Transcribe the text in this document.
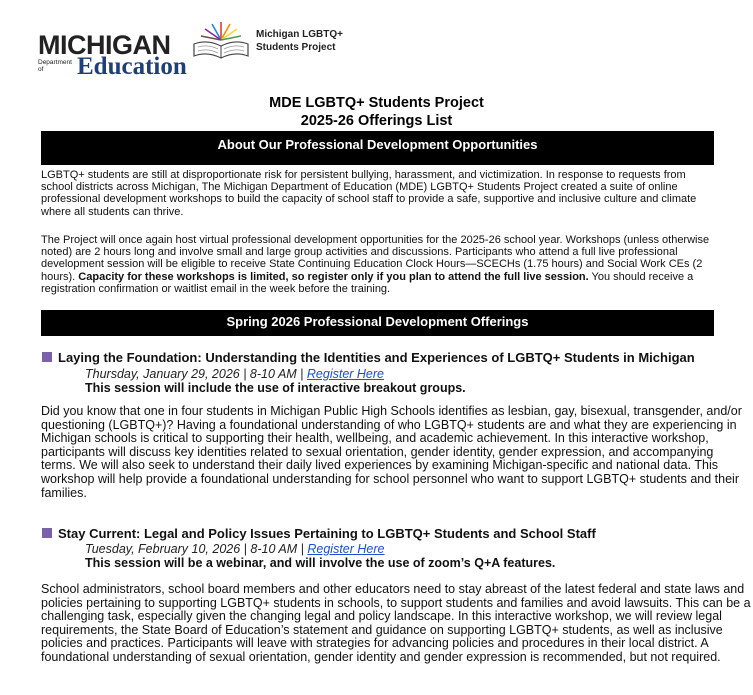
MICHIGAN
Department of	Education
Michigan LGBTQ+
Students Project
MDE LGBTQ+ Students Project
2025-26 Offerings List
About Our Professional Development Opportunities
LGBTQ+ students are still at disproportionate risk for persistent bullying, harassment, and victimization. In response to requests from school districts across Michigan, The Michigan Department of Education (MDE) LGBTQ+ Students Project created a suite of online professional development workshops to build the capacity of school staff to provide a safe, supportive and inclusive culture and climate where all students can thrive.
The Project will once again host virtual professional development opportunities for the 2025-26 school year. Workshops (unless otherwise noted) are 2 hours long and involve small and large group activities and discussions. Participants who attend a full live professional development session will be eligible to receive State Continuing Education Clock Hours—SCECHs (1.75 hours) and Social Work CEs (2 hours). Capacity for these workshops is limited, so register only if you plan to attend the full live session. You should receive a registration confirmation or waitlist email in the week before the training.
Spring 2026 Professional Development Offerings
Laying the Foundation: Understanding the Identities and Experiences of LGBTQ+ Students in Michigan
Thursday, January 29, 2026 | 8-10 AM | Register Here
This session will include the use of interactive breakout groups.
Did you know that one in four students in Michigan Public High Schools identifies as lesbian, gay, bisexual, transgender, and/or questioning (LGBTQ+)? Having a foundational understanding of who LGBTQ+ students are and what they are experiencing in Michigan schools is critical to supporting their health, wellbeing, and academic achievement. In this interactive workshop, participants will discuss key identities related to sexual orientation, gender identity, gender expression, and accompanying terms. We will also seek to understand their daily lived experiences by examining Michigan-specific and national data. This workshop will help provide a foundational understanding for school personnel who want to support LGBTQ+ students and their families.
Stay Current: Legal and Policy Issues Pertaining to LGBTQ+ Students and School Staff
Tuesday, February 10, 2026 | 8-10 AM | Register Here
This session will be a webinar, and will involve the use of zoom’s Q+A features.
School administrators, school board members and other educators need to stay abreast of the latest federal and state laws and policies pertaining to supporting LGBTQ+ students in schools, to support students and families and avoid lawsuits. This can be a challenging task, especially given the changing legal and policy landscape. In this interactive workshop, we will review legal requirements, the State Board of Education’s statement and guidance on supporting LGBTQ+ students, as well as inclusive policies and practices. Participants will leave with strategies for advancing policies and procedures in their local district. A foundational understanding of sexual orientation, gender identity and gender expression is recommended, but not required.
